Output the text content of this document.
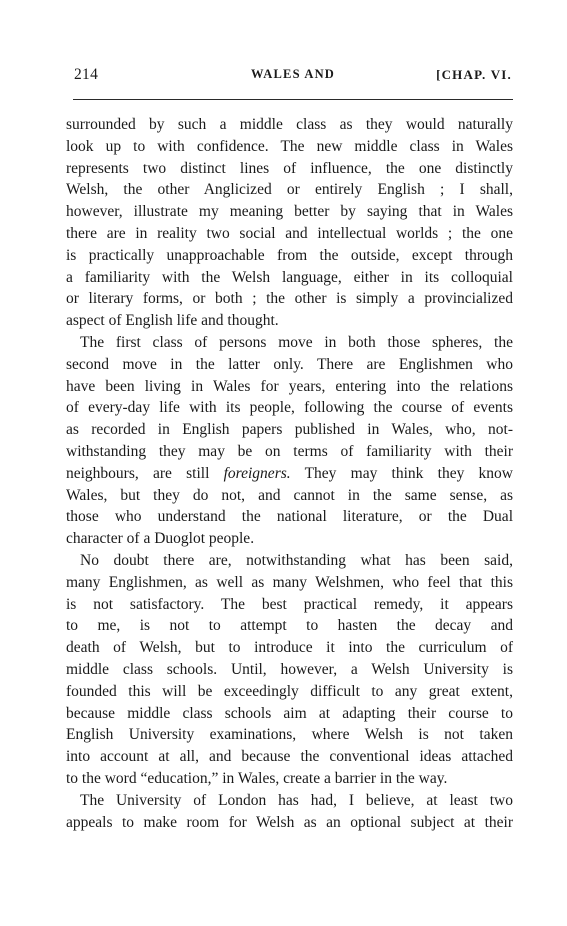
214	WALES AND	[CHAP. VI.
surrounded by such a middle class as they would naturally
look up to with confidence. The new middle class in Wales
represents two distinct lines of influence, the one distinctly
Welsh, the other Anglicized or entirely English ; I shall,
however, illustrate my meaning better by saying that in Wales
there are in reality two social and intellectual worlds ; the one
is practically unapproachable from the outside, except through
a familiarity with the Welsh language, either in its colloquial
or literary forms, or both ; the other is simply a provincialized
aspect of English life and thought.
The first class of persons move in both those spheres, the
second move in the latter only. There are Englishmen who
have been living in Wales for years, entering into the relations
of every-day life with its people, following the course of events
as recorded in English papers published in Wales, who, not-
withstanding they may be on terms of familiarity with their
neighbours, are still foreigners. They may think they know
Wales, but they do not, and cannot in the same sense, as
those who understand the national literature, or the Dual
character of a Duoglot people.
No doubt there are, notwithstanding what has been said,
many Englishmen, as well as many Welshmen, who feel that this
is not satisfactory. The best practical remedy, it appears
to me, is not to attempt to hasten the decay and
death of Welsh, but to introduce it into the curriculum of
middle class schools. Until, however, a Welsh University is
founded this will be exceedingly difficult to any great extent,
because middle class schools aim at adapting their course to
English University examinations, where Welsh is not taken
into account at all, and because the conventional ideas attached
to the word “education,” in Wales, create a barrier in the way.
The University of London has had, I believe, at least two
appeals to make room for Welsh as an optional subject at their
